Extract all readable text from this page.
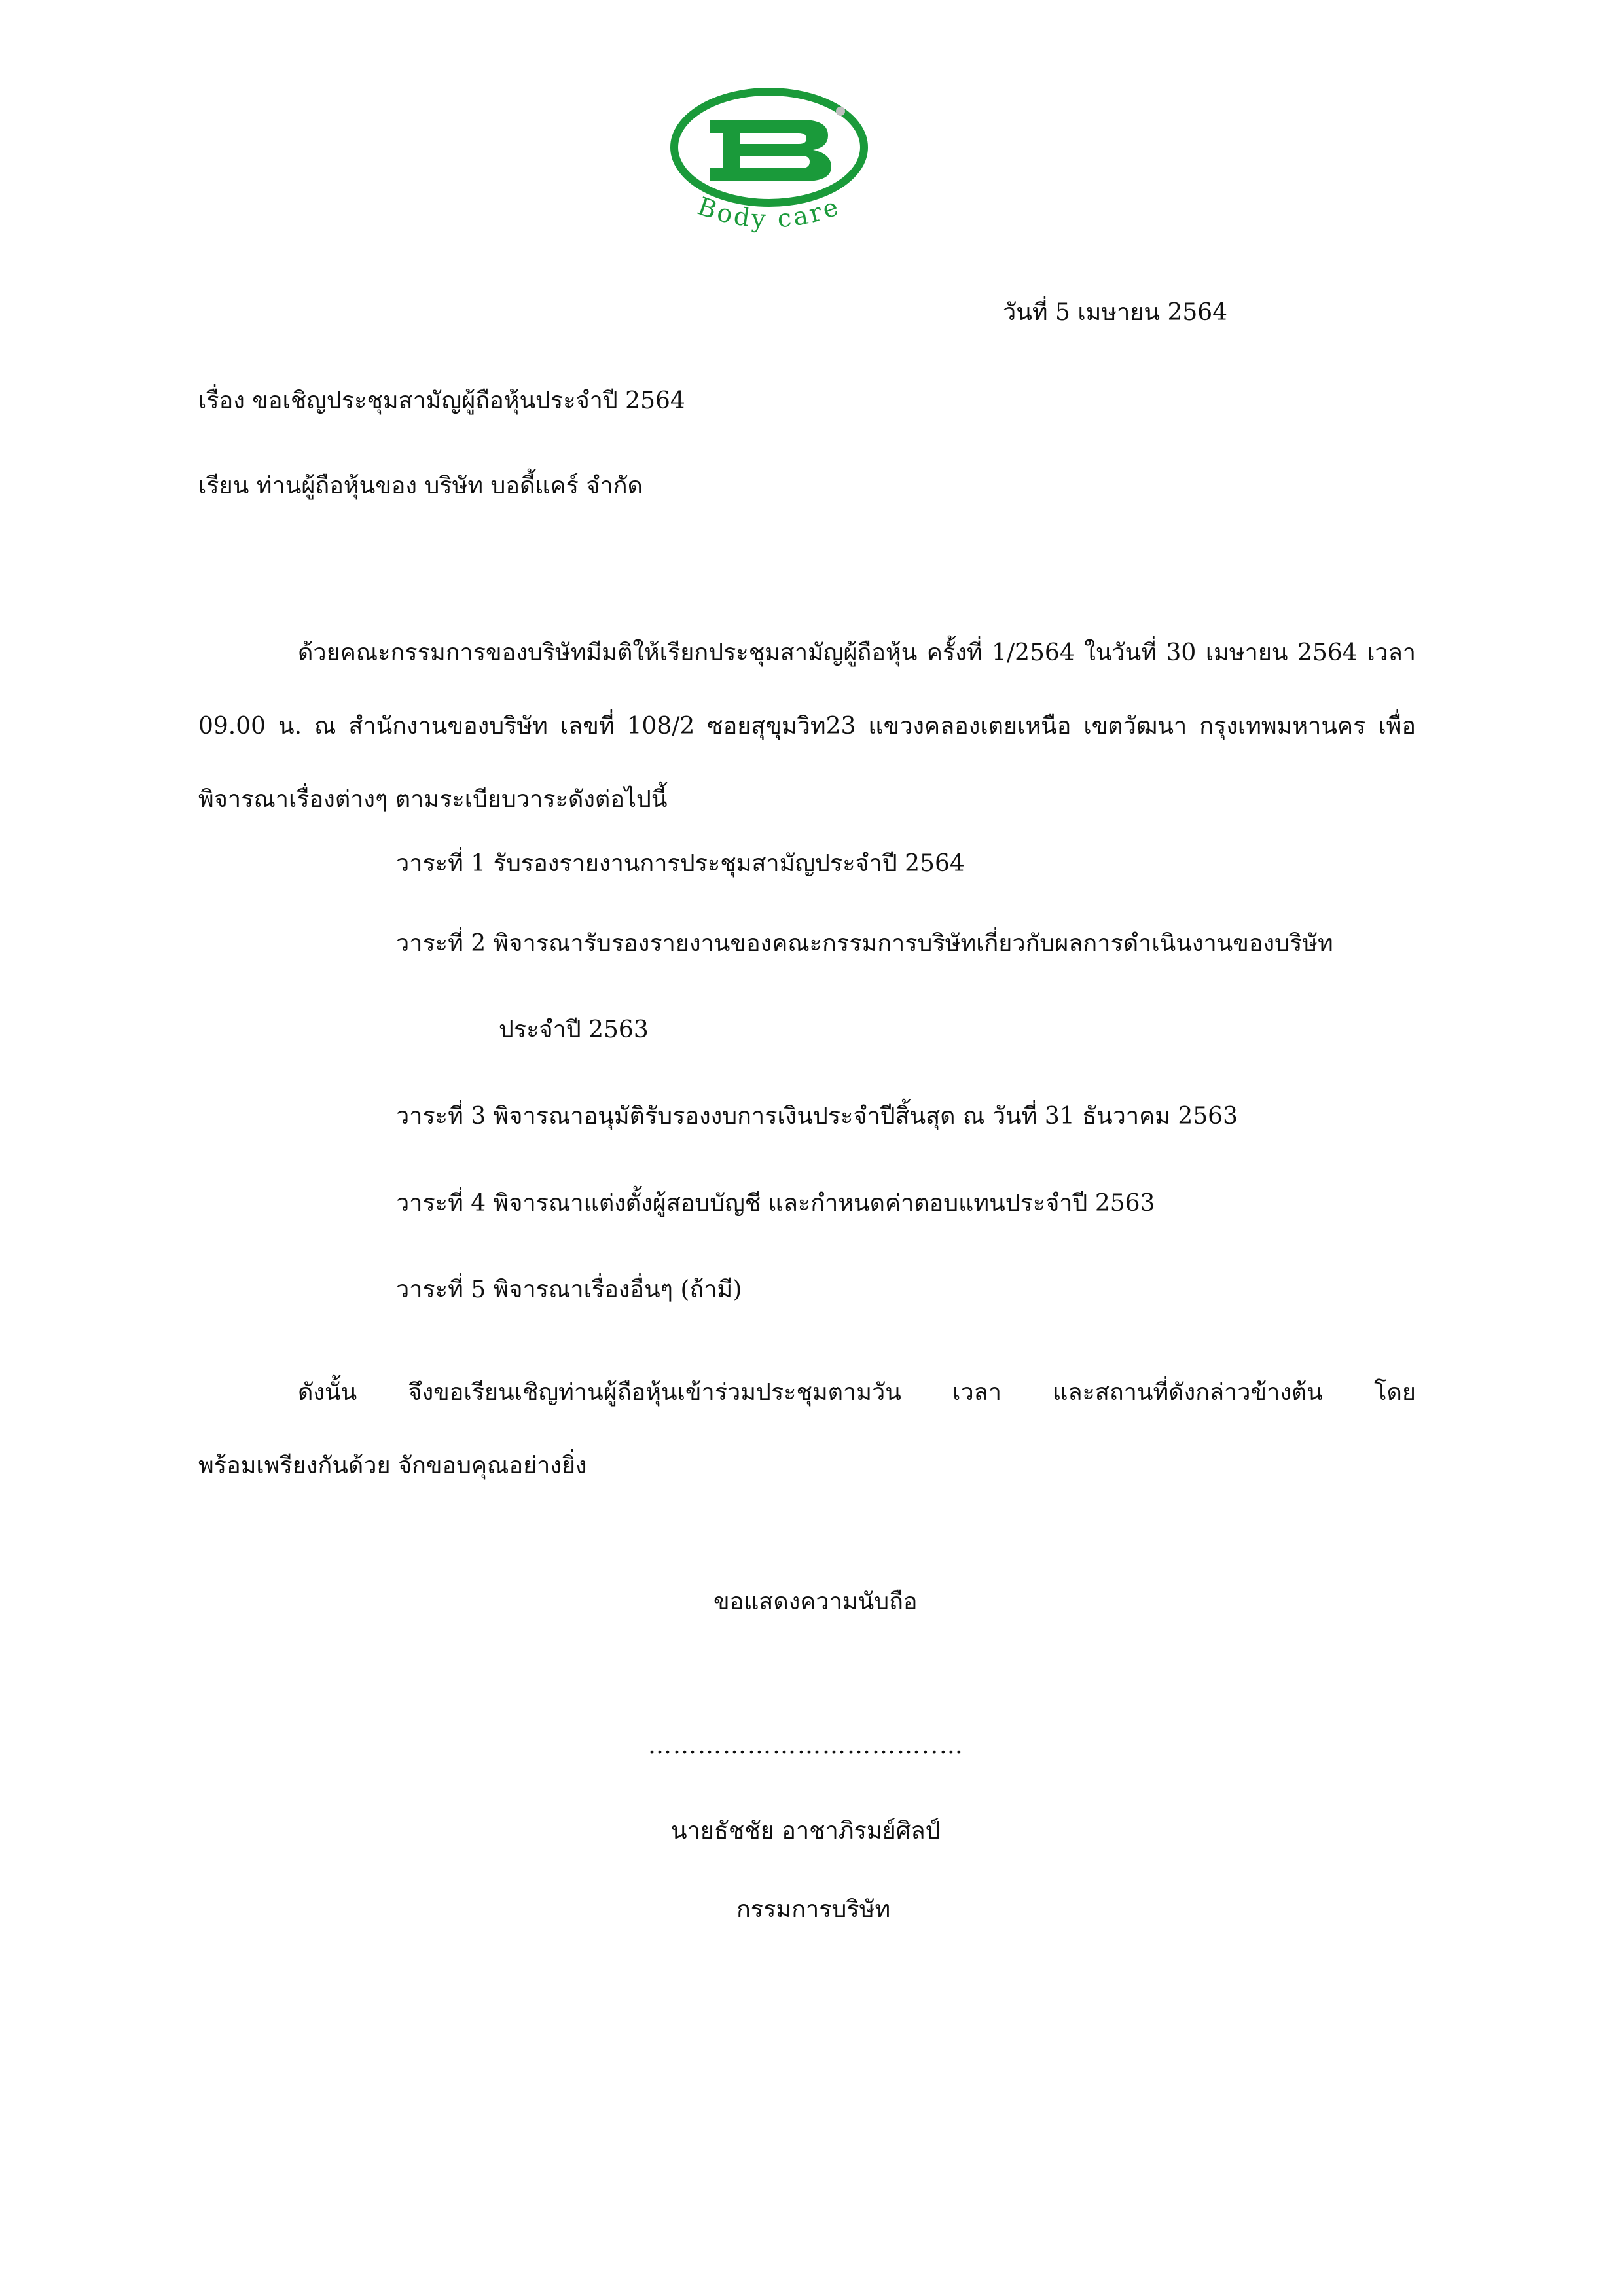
Body care
วันที่ 5 เมษายน 2564
เรื่อง ขอเชิญประชุมสามัญผู้ถือหุ้นประจำปี 2564
เรียน ท่านผู้ถือหุ้นของ บริษัท บอดี้แคร์ จำกัด
ด้วยคณะกรรมการของบริษัทมีมติให้เรียกประชุมสามัญผู้ถือหุ้น ครั้งที่ 1/2564 ในวันที่ 30 เมษายน 2564 เวลา
09.00 น. ณ สำนักงานของบริษัท เลขที่ 108/2 ซอยสุขุมวิท23 แขวงคลองเตยเหนือ เขตวัฒนา กรุงเทพมหานคร เพื่อ
พิจารณาเรื่องต่างๆ ตามระเบียบวาระดังต่อไปนี้
วาระที่ 1 รับรองรายงานการประชุมสามัญประจำปี 2564
วาระที่ 2 พิจารณารับรองรายงานของคณะกรรมการบริษัทเกี่ยวกับผลการดำเนินงานของบริษัท
ประจำปี 2563
วาระที่ 3 พิจารณาอนุมัติรับรองงบการเงินประจำปีสิ้นสุด ณ วันที่ 31 ธันวาคม 2563
วาระที่ 4 พิจารณาแต่งตั้งผู้สอบบัญชี และกำหนดค่าตอบแทนประจำปี 2563
วาระที่ 5 พิจารณาเรื่องอื่นๆ (ถ้ามี)
ดังนั้น จึงขอเรียนเชิญท่านผู้ถือหุ้นเข้าร่วมประชุมตามวัน เวลา และสถานที่ดังกล่าวข้างต้น โดย
พร้อมเพรียงกันด้วย จักขอบคุณอย่างยิ่ง
ขอแสดงความนับถือ
……………………………..…
นายธัชชัย อาชาภิรมย์ศิลป์
กรรมการบริษัท
